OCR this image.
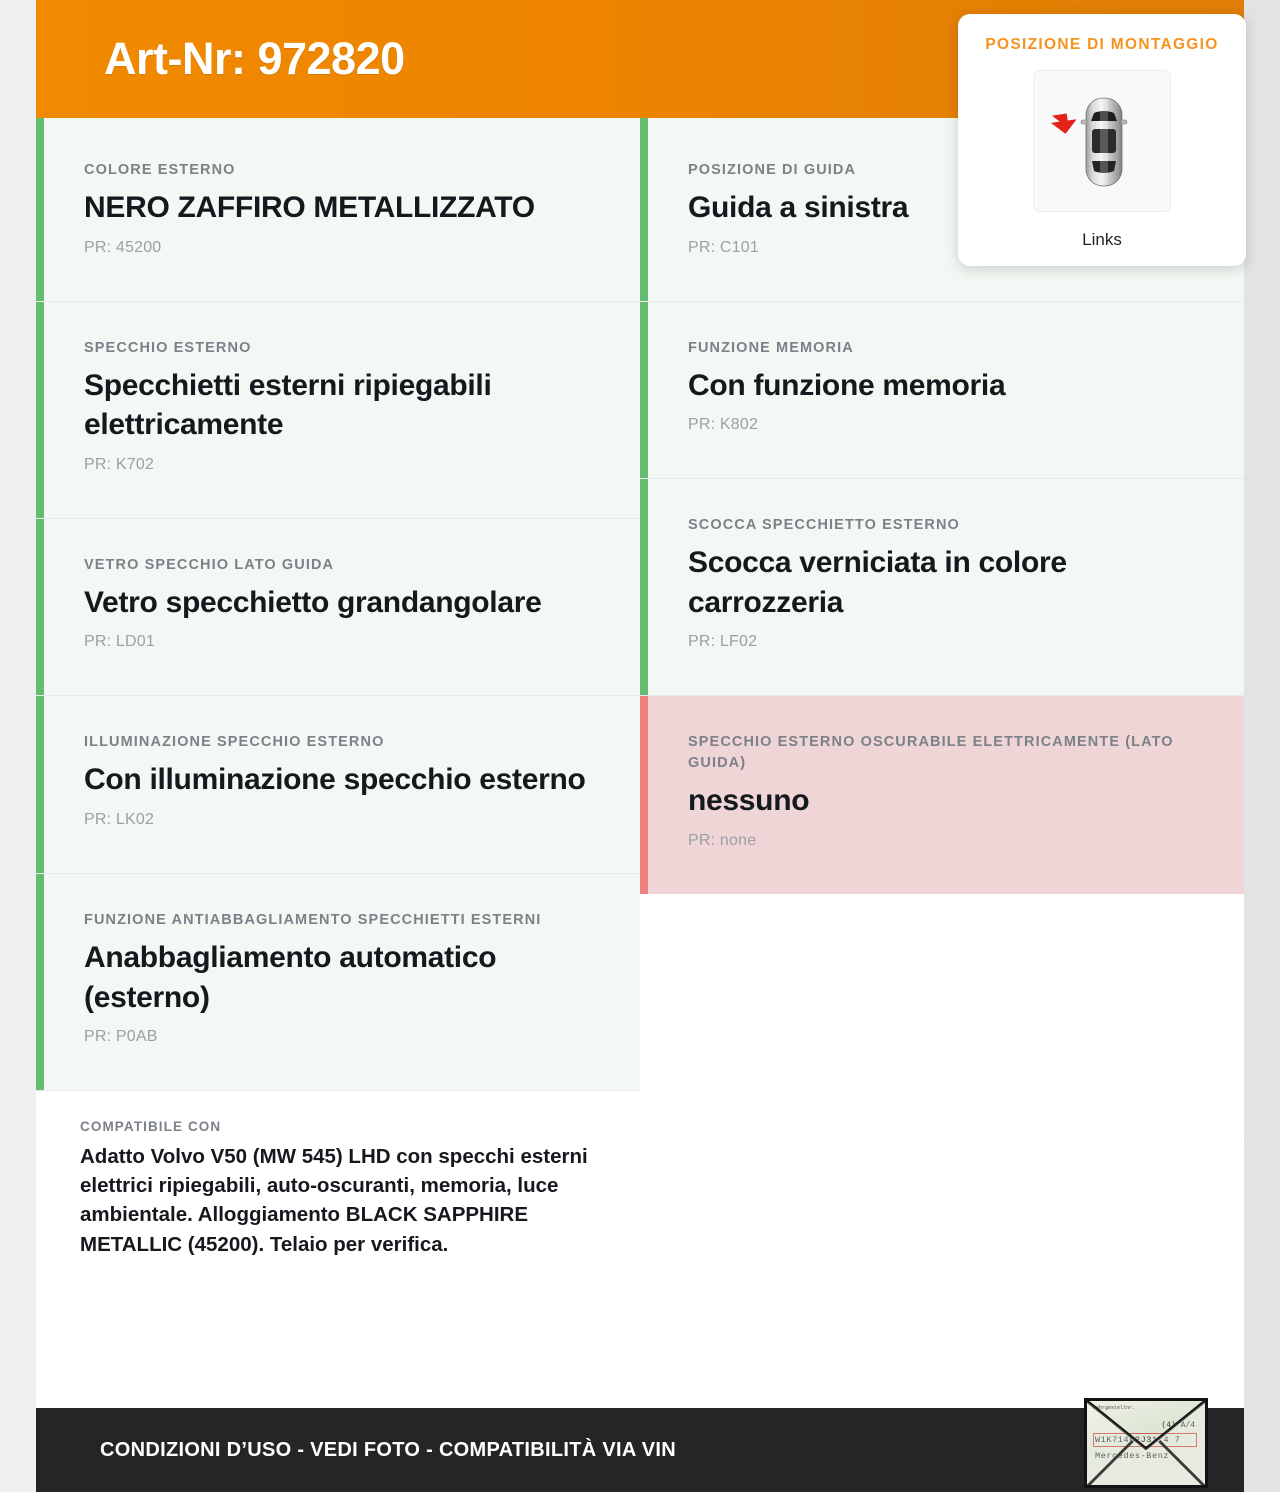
Art-Nr: 972820
COLORE ESTERNO
NERO ZAFFIRO METALLIZZATO
PR: 45200
SPECCHIO ESTERNO
Specchietti esterni ripiegabili elettricamente
PR: K702
VETRO SPECCHIO LATO GUIDA
Vetro specchietto grandangolare
PR: LD01
ILLUMINAZIONE SPECCHIO ESTERNO
Con illuminazione specchio esterno
PR: LK02
FUNZIONE ANTIABBAGLIAMENTO SPECCHIETTI ESTERNI
Anabbagliamento automatico (esterno)
PR: P0AB
COMPATIBILE CON
Adatto Volvo V50 (MW 545) LHD con specchi esterni elettrici ripiegabili, auto-oscuranti, memoria, luce ambientale. Alloggiamento BLACK SAPPHIRE METALLIC (45200). Telaio per verifica.
POSIZIONE DI GUIDA
Guida a sinistra
PR: C101
FUNZIONE MEMORIA
Con funzione memoria
PR: K802
SCOCCA SPECCHIETTO ESTERNO
Scocca verniciata in colore carrozzeria
PR: LF02
SPECCHIO ESTERNO OSCURABILE ELETTRICAMENTE (LATO GUIDA)
nessuno
PR: none
POSIZIONE DI MONTAGGIO
Links
CONDIZIONI D’USO - VEDI FOTO - COMPATIBILITÀ VIA VIN
Fahrgestellnr.
(4) A/4
W1K71462J31 4 7
Mercedes-Benz
